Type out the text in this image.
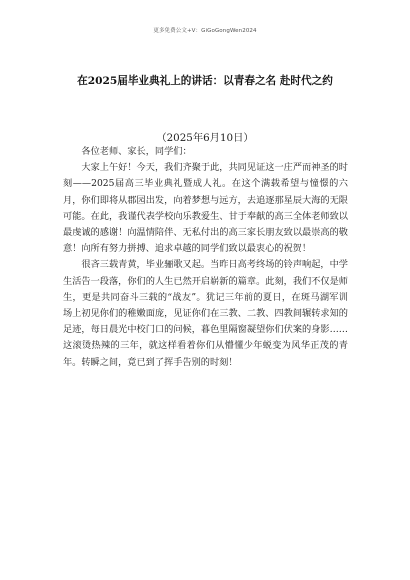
更多免费公文+V：GiGoGongWen2024
在2025届毕业典礼上的讲话：以青春之名 赴时代之约
（2025年6月10日）

各位老师、家长，同学们：

大家上午好！今天，我们齐聚于此，共同见证这一庄严而神圣的时刻——2025届高三毕业典礼暨成人礼。在这个满载希望与憧憬的六月，你们即将从郡园出发，向着梦想与远方，去追逐那星辰大海的无限可能。在此，我谨代表学校向乐教爱生、甘于奉献的高三全体老师致以最虔诚的感谢！向温情陪伴、无私付出的高三家长朋友致以最崇高的敬意！向所有努力拼搏、追求卓越的同学们致以最衷心的祝贺！

很吝三载青黄，毕业骊歌又起。当昨日高考终场的铃声响起，中学生活告一段落，你们的人生已然开启崭新的篇章。此刻，我们不仅是师生，更是共同奋斗三载的“战友”。犹记三年前的夏日，在斑马湖军训场上初见你们的稚嫩面庞，见证你们在三教、二教、四教间辗转求知的足迹，每日晨光中校门口的问候，暮色里隔窗凝望你们伏案的身影……这滚烫热辣的三年，就这样看着你们从懵懂少年蜕变为风华正茂的青年。转瞬之间，竟已到了挥手告别的时刻！
